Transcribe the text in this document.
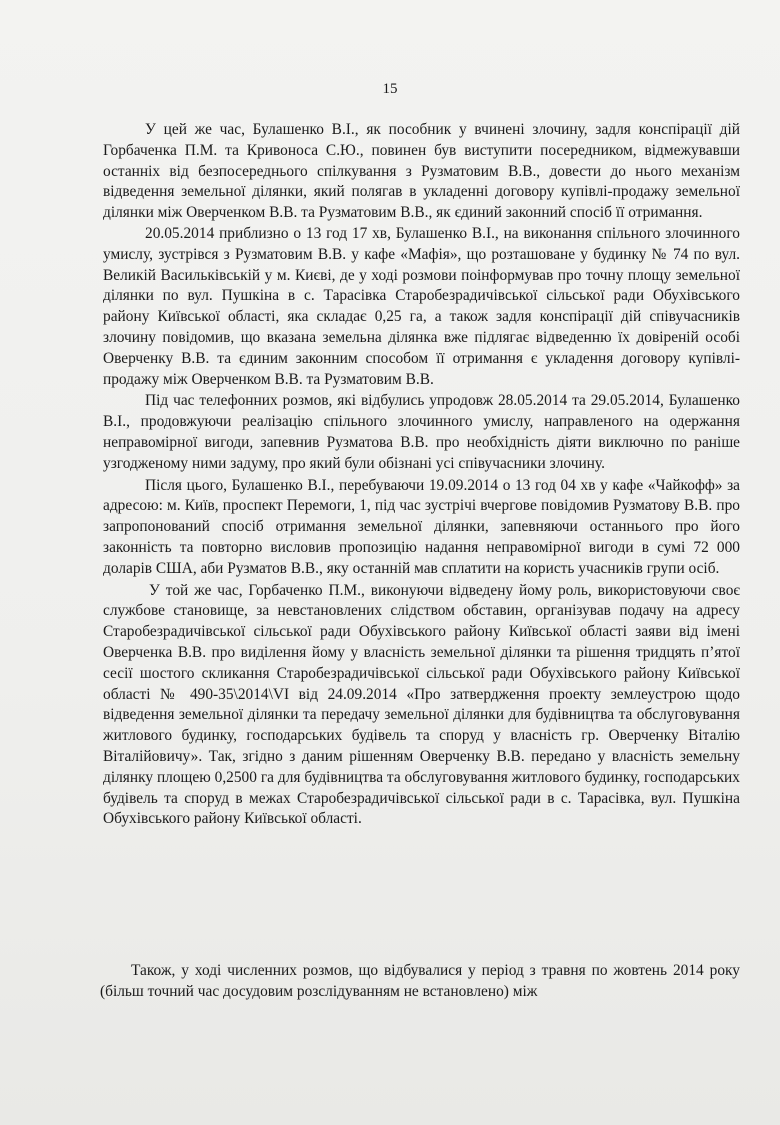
15

У цей же час, Булашенко В.І., як пособник у вчинені злочину, задля конспірації дій Горбаченка П.М. та Кривоноса С.Ю., повинен був виступити посередником, відмежувавши останніх від безпосереднього спілкування з Рузматовим В.В., довести до нього механізм відведення земельної ділянки, який полягав в укладенні договору купівлі-продажу земельної ділянки між Оверченком В.В. та Рузматовим В.В., як єдиний законний спосіб її отримання.

20.05.2014 приблизно о 13 год 17 хв, Булашенко В.І., на виконання спільного злочинного умислу, зустрівся з Рузматовим В.В. у кафе «Мафія», що розташоване у будинку № 74 по вул. Великій Васильківській у м. Києві, де у ході розмови поінформував про точну площу земельної ділянки по вул. Пушкіна в с. Тарасівка Старобезрадичівської сільської ради Обухівського району Київської області, яка складає 0,25 га, а також задля конспірації дій співучасників злочину повідомив, що вказана земельна ділянка вже підлягає відведенню їх довіреній особі Оверченку В.В. та єдиним законним способом її отримання є укладення договору купівлі-продажу між Оверченком В.В. та Рузматовим В.В.

Під час телефонних розмов, які відбулись упродовж 28.05.2014 та 29.05.2014, Булашенко В.І., продовжуючи реалізацію спільного злочинного умислу, направленого на одержання неправомірної вигоди, запевнив Рузматова В.В. про необхідність діяти виключно по раніше узгодженому ними задуму, про який були обізнані усі співучасники злочину.

Після цього, Булашенко В.І., перебуваючи 19.09.2014 о 13 год 04 хв у кафе «Чайкофф» за адресою: м. Київ, проспект Перемоги, 1, під час зустрічі вчергове повідомив Рузматову В.В. про запропонований спосіб отримання земельної ділянки, запевняючи останнього про його законність та повторно висловив пропозицію надання неправомірної вигоди в сумі 72 000 доларів США, аби Рузматов В.В., яку останній мав сплатити на користь учасників групи осіб.

У той же час, Горбаченко П.М., виконуючи відведену йому роль, використовуючи своє службове становище, за невстановлених слідством обставин, організував подачу на адресу Старобезрадичівської сільської ради Обухівського району Київської області заяви від імені Оверченка В.В. про виділення йому у власність земельної ділянки та рішення тридцять п’ятої сесії шостого скликання Старобезрадичівської сільської ради Обухівського району Київської області № 490-35\2014\VI від 24.09.2014 «Про затвердження проекту землеустрою щодо відведення земельної ділянки та передачу земельної ділянки для будівництва та обслуговування житлового будинку, господарських будівель та споруд у власність гр. Оверченку Віталію Віталійовичу». Так, згідно з даним рішенням Оверченку В.В. передано у власність земельну ділянку площею 0,2500 га для будівництва та обслуговування житлового будинку, господарських будівель та споруд в межах Старобезрадичівської сільської ради в с. Тарасівка, вул. Пушкіна Обухівського району Київської області.

Також, у ході численних розмов, що відбувалися у період з травня по жовтень 2014 року (більш точний час досудовим розслідуванням не встановлено) між
